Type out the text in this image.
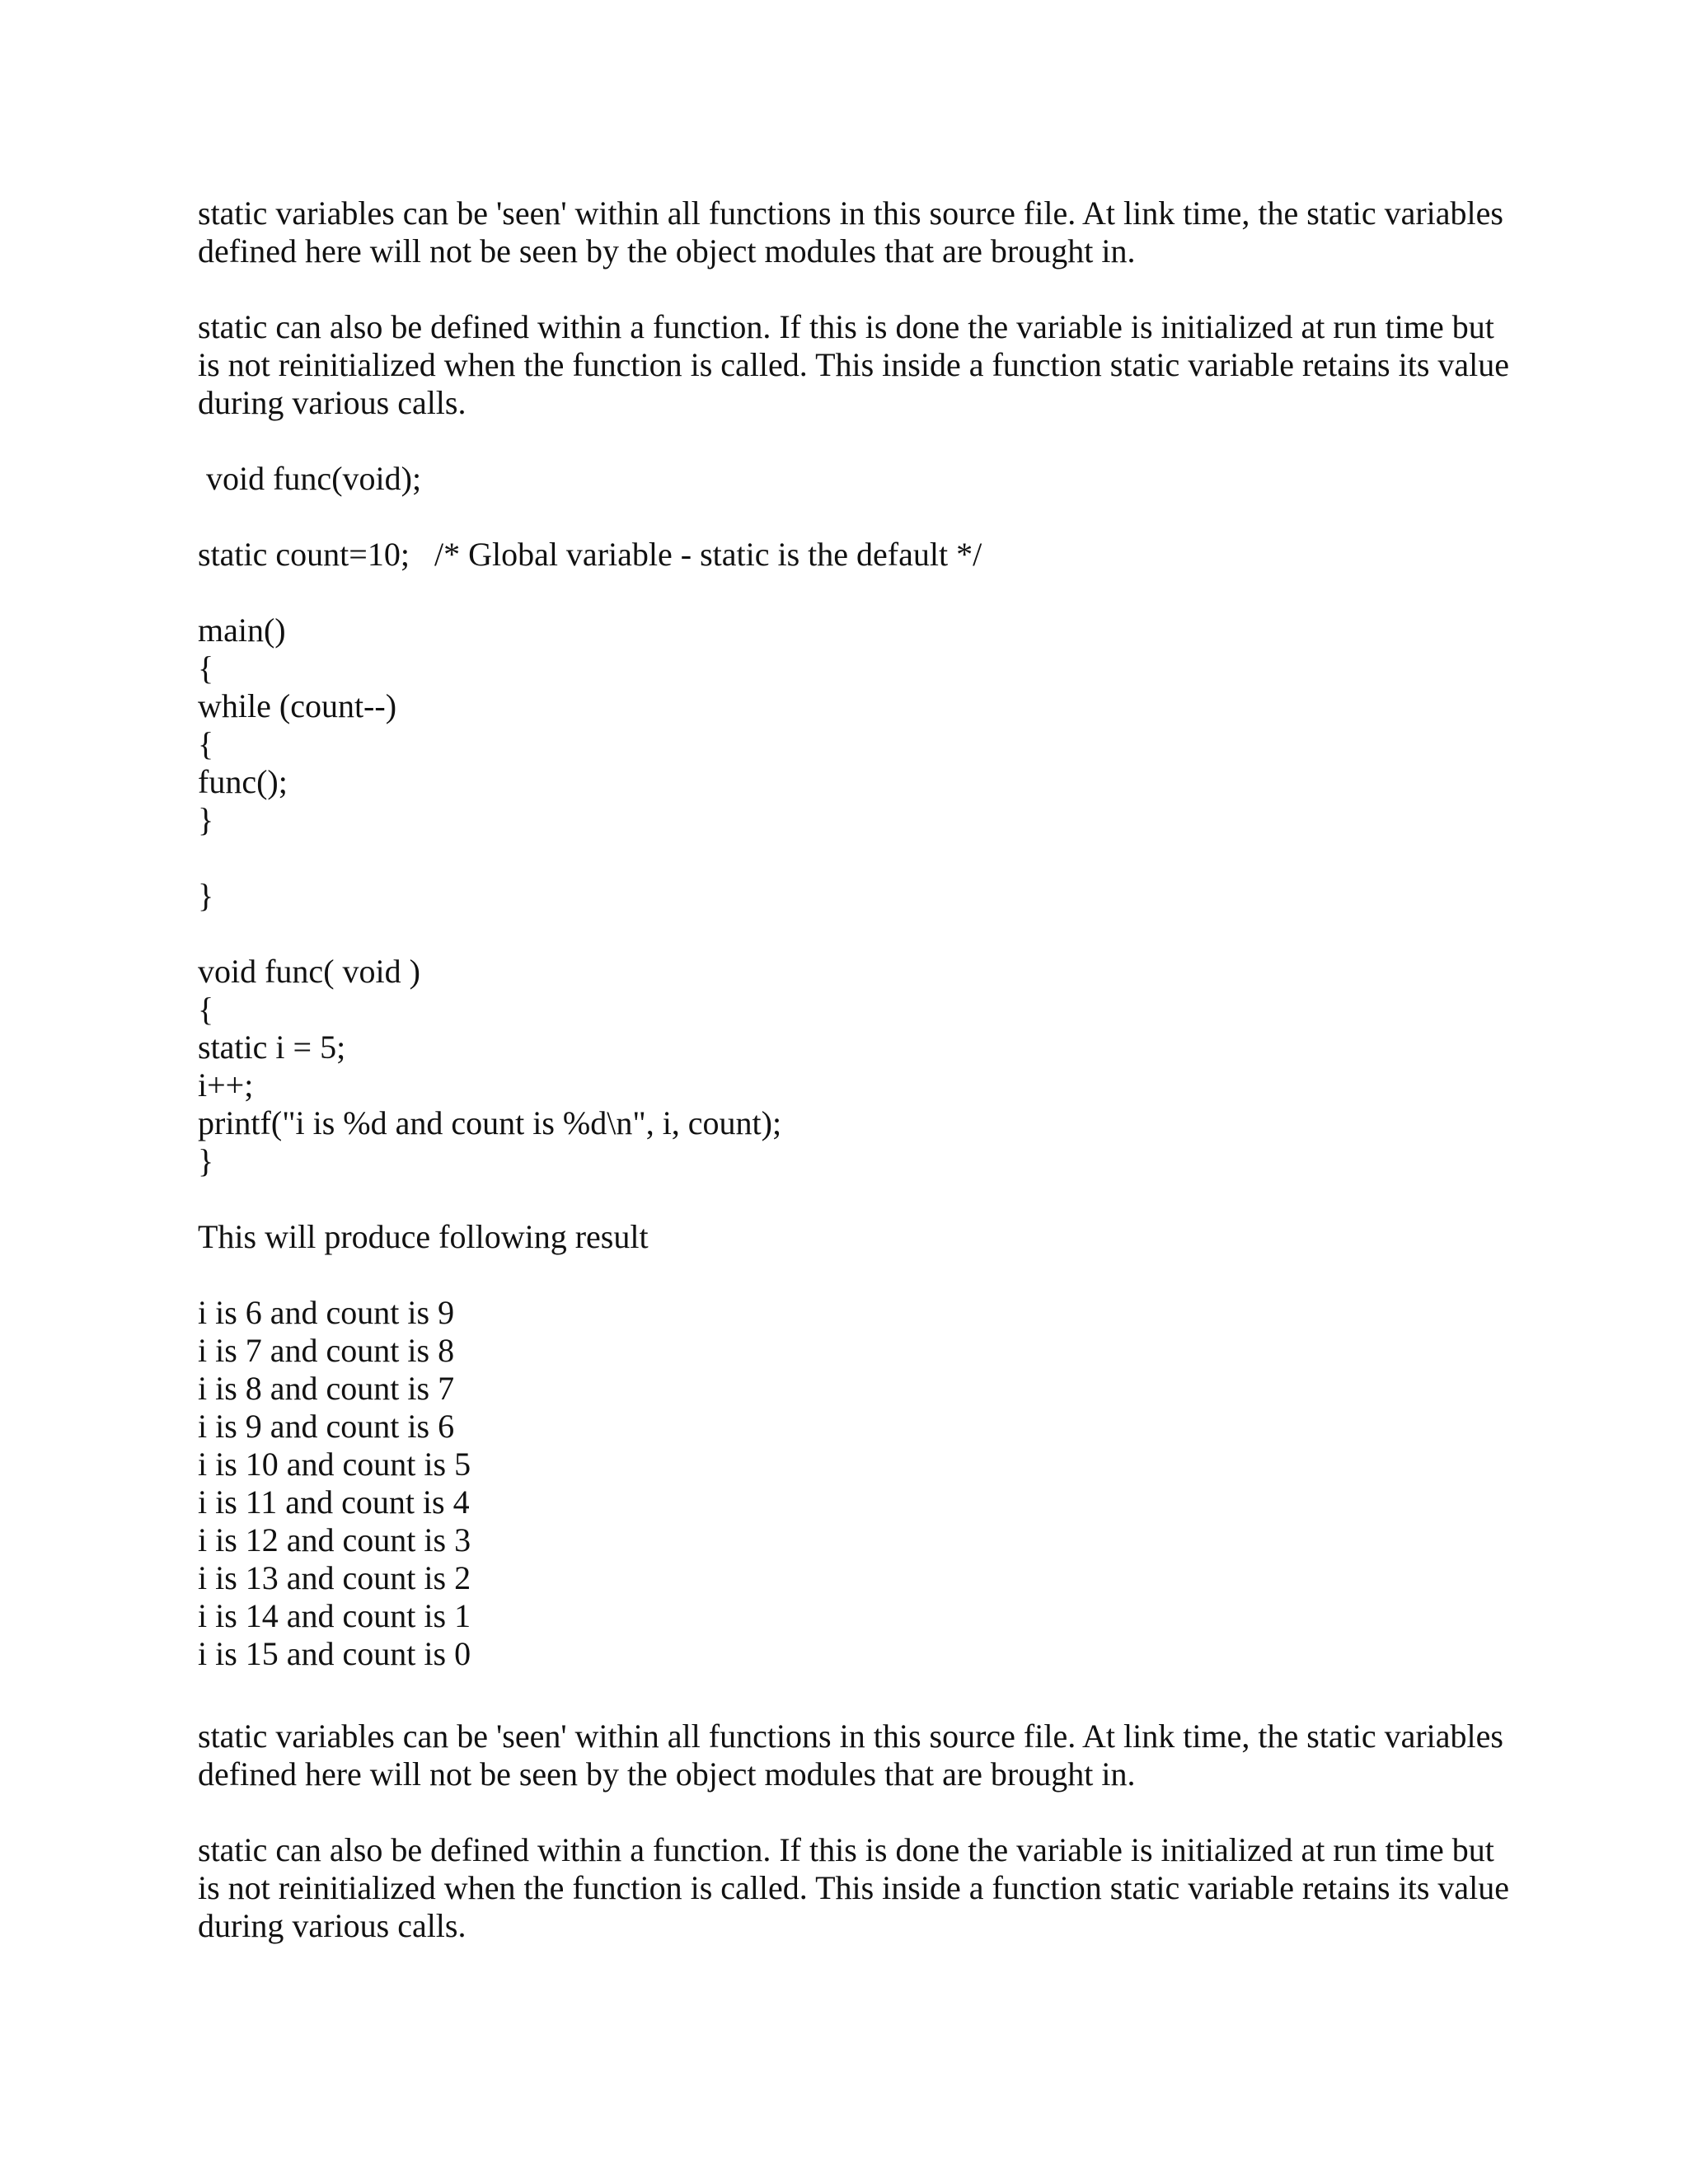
static variables can be 'seen' within all functions in this source file. At link time, the static variables defined here will not be seen by the object modules that are brought in.

static can also be defined within a function. If this is done the variable is initialized at run time but is not reinitialized when the function is called. This inside a function static variable retains its value during various calls.

void func(void);
static count=10;   /* Global variable - static is the default */
main()
{
while (count--)
{
func();
}
}
void func( void )
{
static i = 5;
i++;
printf("i is %d and count is %d\n", i, count);
}

This will produce following result

i is 6 and count is 9
i is 7 and count is 8
i is 8 and count is 7
i is 9 and count is 6
i is 10 and count is 5
i is 11 and count is 4
i is 12 and count is 3
i is 13 and count is 2
i is 14 and count is 1
i is 15 and count is 0

static variables can be 'seen' within all functions in this source file. At link time, the static variables defined here will not be seen by the object modules that are brought in.

static can also be defined within a function. If this is done the variable is initialized at run time but is not reinitialized when the function is called. This inside a function static variable retains its value during various calls.
